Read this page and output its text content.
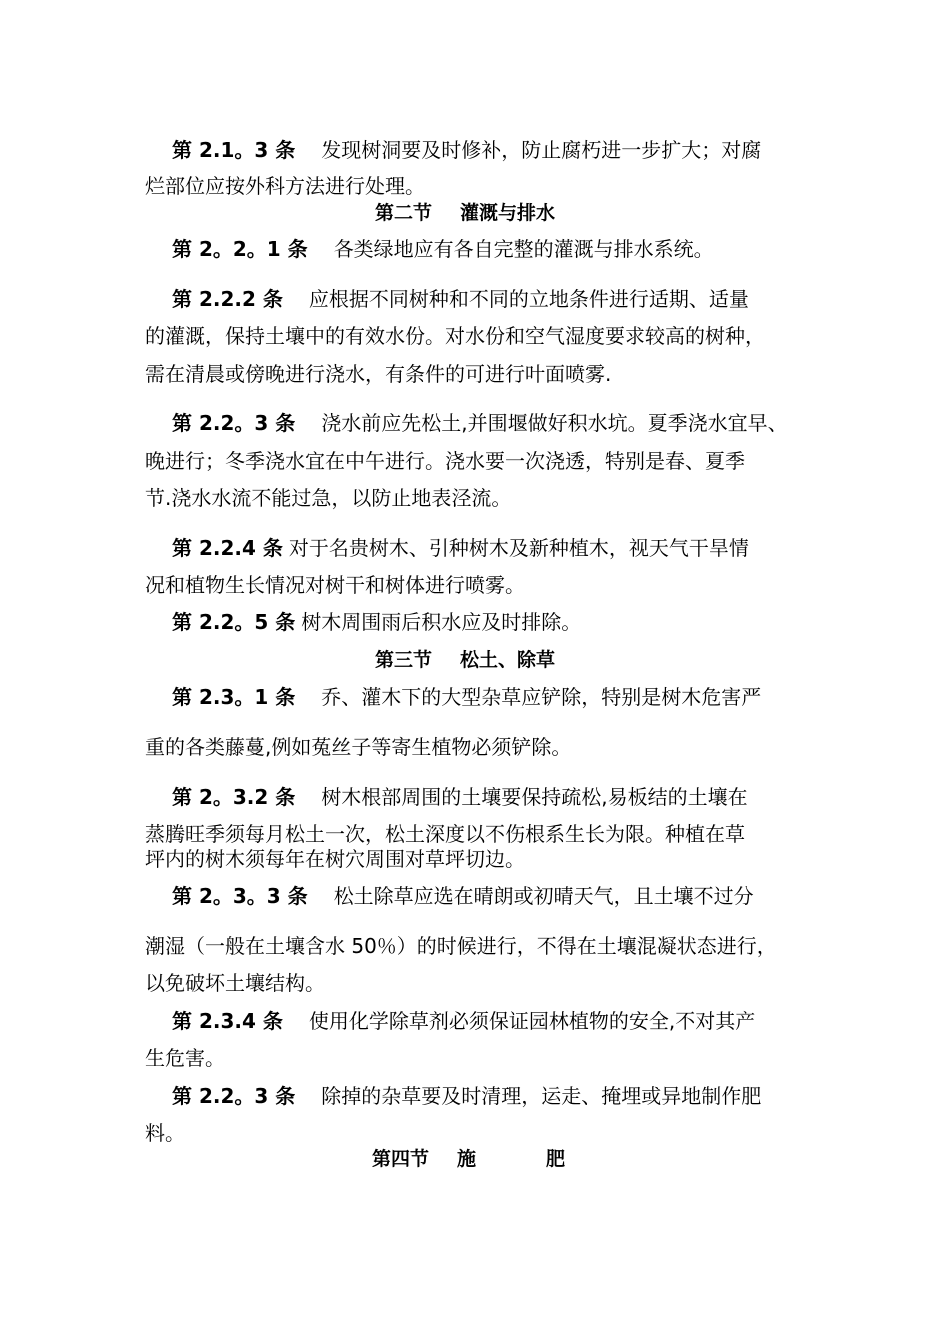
第 2.1。3 条 发现树洞要及时修补，防止腐朽进一步扩大；对腐
烂部位应按外科方法进行处理。
第二节 灌溉与排水
第 2。2。1 条 各类绿地应有各自完整的灌溉与排水系统。
第 2.2.2 条 应根据不同树种和不同的立地条件进行适期、适量
的灌溉，保持土壤中的有效水份。对水份和空气湿度要求较高的树种，
需在清晨或傍晚进行浇水，有条件的可进行叶面喷雾.
第 2.2。3 条 浇水前应先松土,并围堰做好积水坑。夏季浇水宜早、
晚进行；冬季浇水宜在中午进行。浇水要一次浇透，特别是春、夏季
节.浇水水流不能过急，以防止地表泾流。
第 2.2.4 条 对于名贵树木、引种树木及新种植木，视天气干旱情
况和植物生长情况对树干和树体进行喷雾。
第 2.2。5 条 树木周围雨后积水应及时排除。
第三节 松土、除草
第 2.3。1 条 乔、灌木下的大型杂草应铲除，特别是树木危害严
重的各类藤蔓,例如菟丝子等寄生植物必须铲除。
第 2。3.2 条 树木根部周围的土壤要保持疏松,易板结的土壤在
蒸腾旺季须每月松土一次，松土深度以不伤根系生长为限。种植在草
坪内的树木须每年在树穴周围对草坪切边。
第 2。3。3 条 松土除草应选在晴朗或初晴天气，且土壤不过分
潮湿（一般在土壤含水 50％）的时候进行，不得在土壤混凝状态进行，
以免破坏土壤结构。
第 2.3.4 条 使用化学除草剂必须保证园林植物的安全,不对其产
生危害。
第 2.2。3 条 除掉的杂草要及时清理，运走、掩埋或异地制作肥
料。
第四节 施	肥
